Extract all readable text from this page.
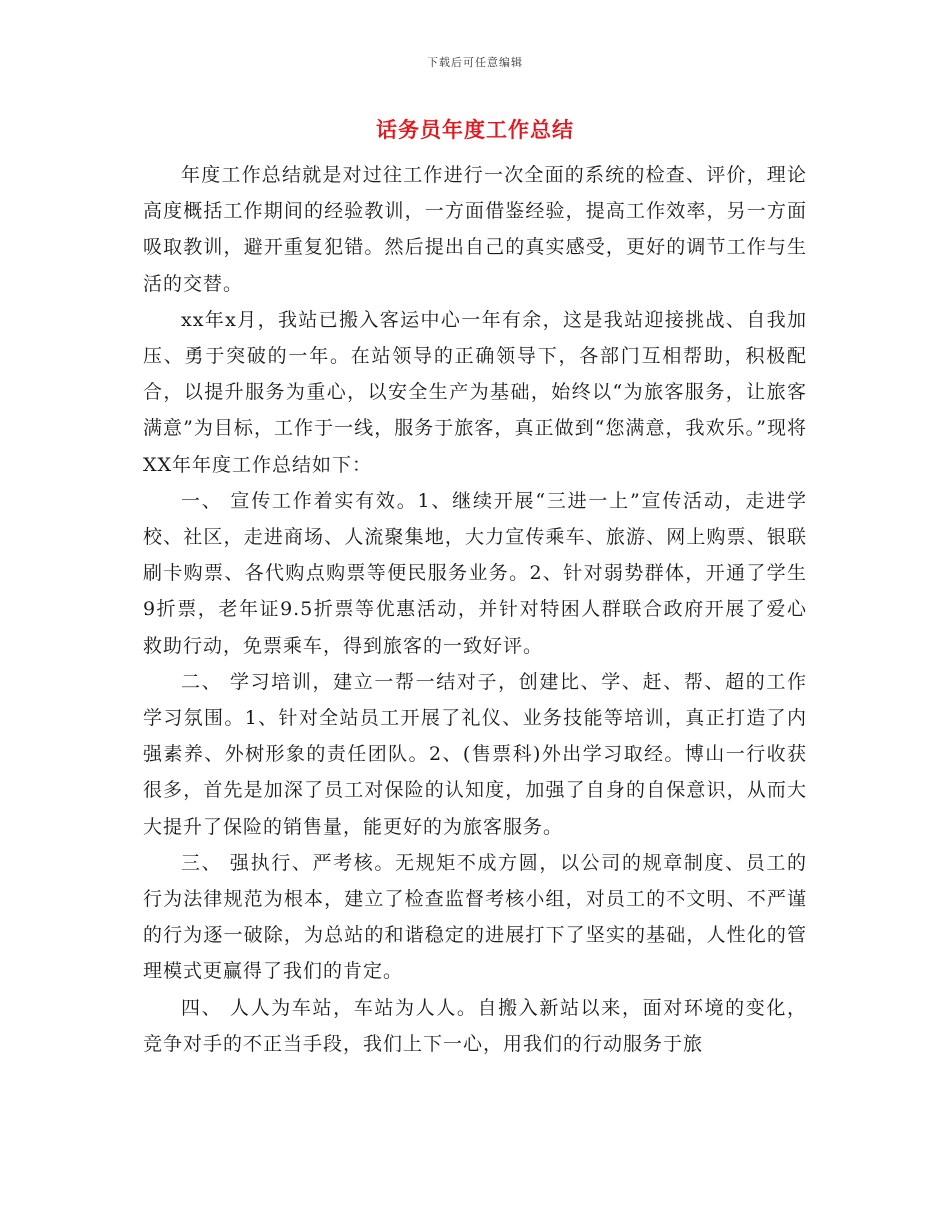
下载后可任意编辑
话务员年度工作总结

年度工作总结就是对过往工作进行一次全面的系统的检查、评价，理论高度概括工作期间的经验教训，一方面借鉴经验，提高工作效率，另一方面吸取教训，避开重复犯错。然后提出自己的真实感受，更好的调节工作与生活的交替。

xx年x月，我站已搬入客运中心一年有余，这是我站迎接挑战、自我加压、勇于突破的一年。在站领导的正确领导下，各部门互相帮助，积极配合，以提升服务为重心，以安全生产为基础，始终以“为旅客服务，让旅客满意”为目标，工作于一线，服务于旅客，真正做到“您满意，我欢乐。”现将XX年年度工作总结如下：

一、 宣传工作着实有效。1、继续开展“三进一上”宣传活动，走进学校、社区，走进商场、人流聚集地，大力宣传乘车、旅游、网上购票、银联刷卡购票、各代购点购票等便民服务业务。2、针对弱势群体，开通了学生9折票，老年证9.5折票等优惠活动，并针对特困人群联合政府开展了爱心救助行动，免票乘车，得到旅客的一致好评。

二、 学习培训，建立一帮一结对子，创建比、学、赶、帮、超的工作学习氛围。1、针对全站员工开展了礼仪、业务技能等培训，真正打造了内强素养、外树形象的责任团队。2、(售票科)外出学习取经。博山一行收获很多，首先是加深了员工对保险的认知度，加强了自身的自保意识，从而大大提升了保险的销售量，能更好的为旅客服务。

三、 强执行、严考核。无规矩不成方圆，以公司的规章制度、员工的行为法律规范为根本，建立了检查监督考核小组，对员工的不文明、不严谨的行为逐一破除，为总站的和谐稳定的进展打下了坚实的基础，人性化的管理模式更赢得了我们的肯定。

四、 人人为车站，车站为人人。自搬入新站以来，面对环境的变化，竞争对手的不正当手段，我们上下一心，用我们的行动服务于旅
